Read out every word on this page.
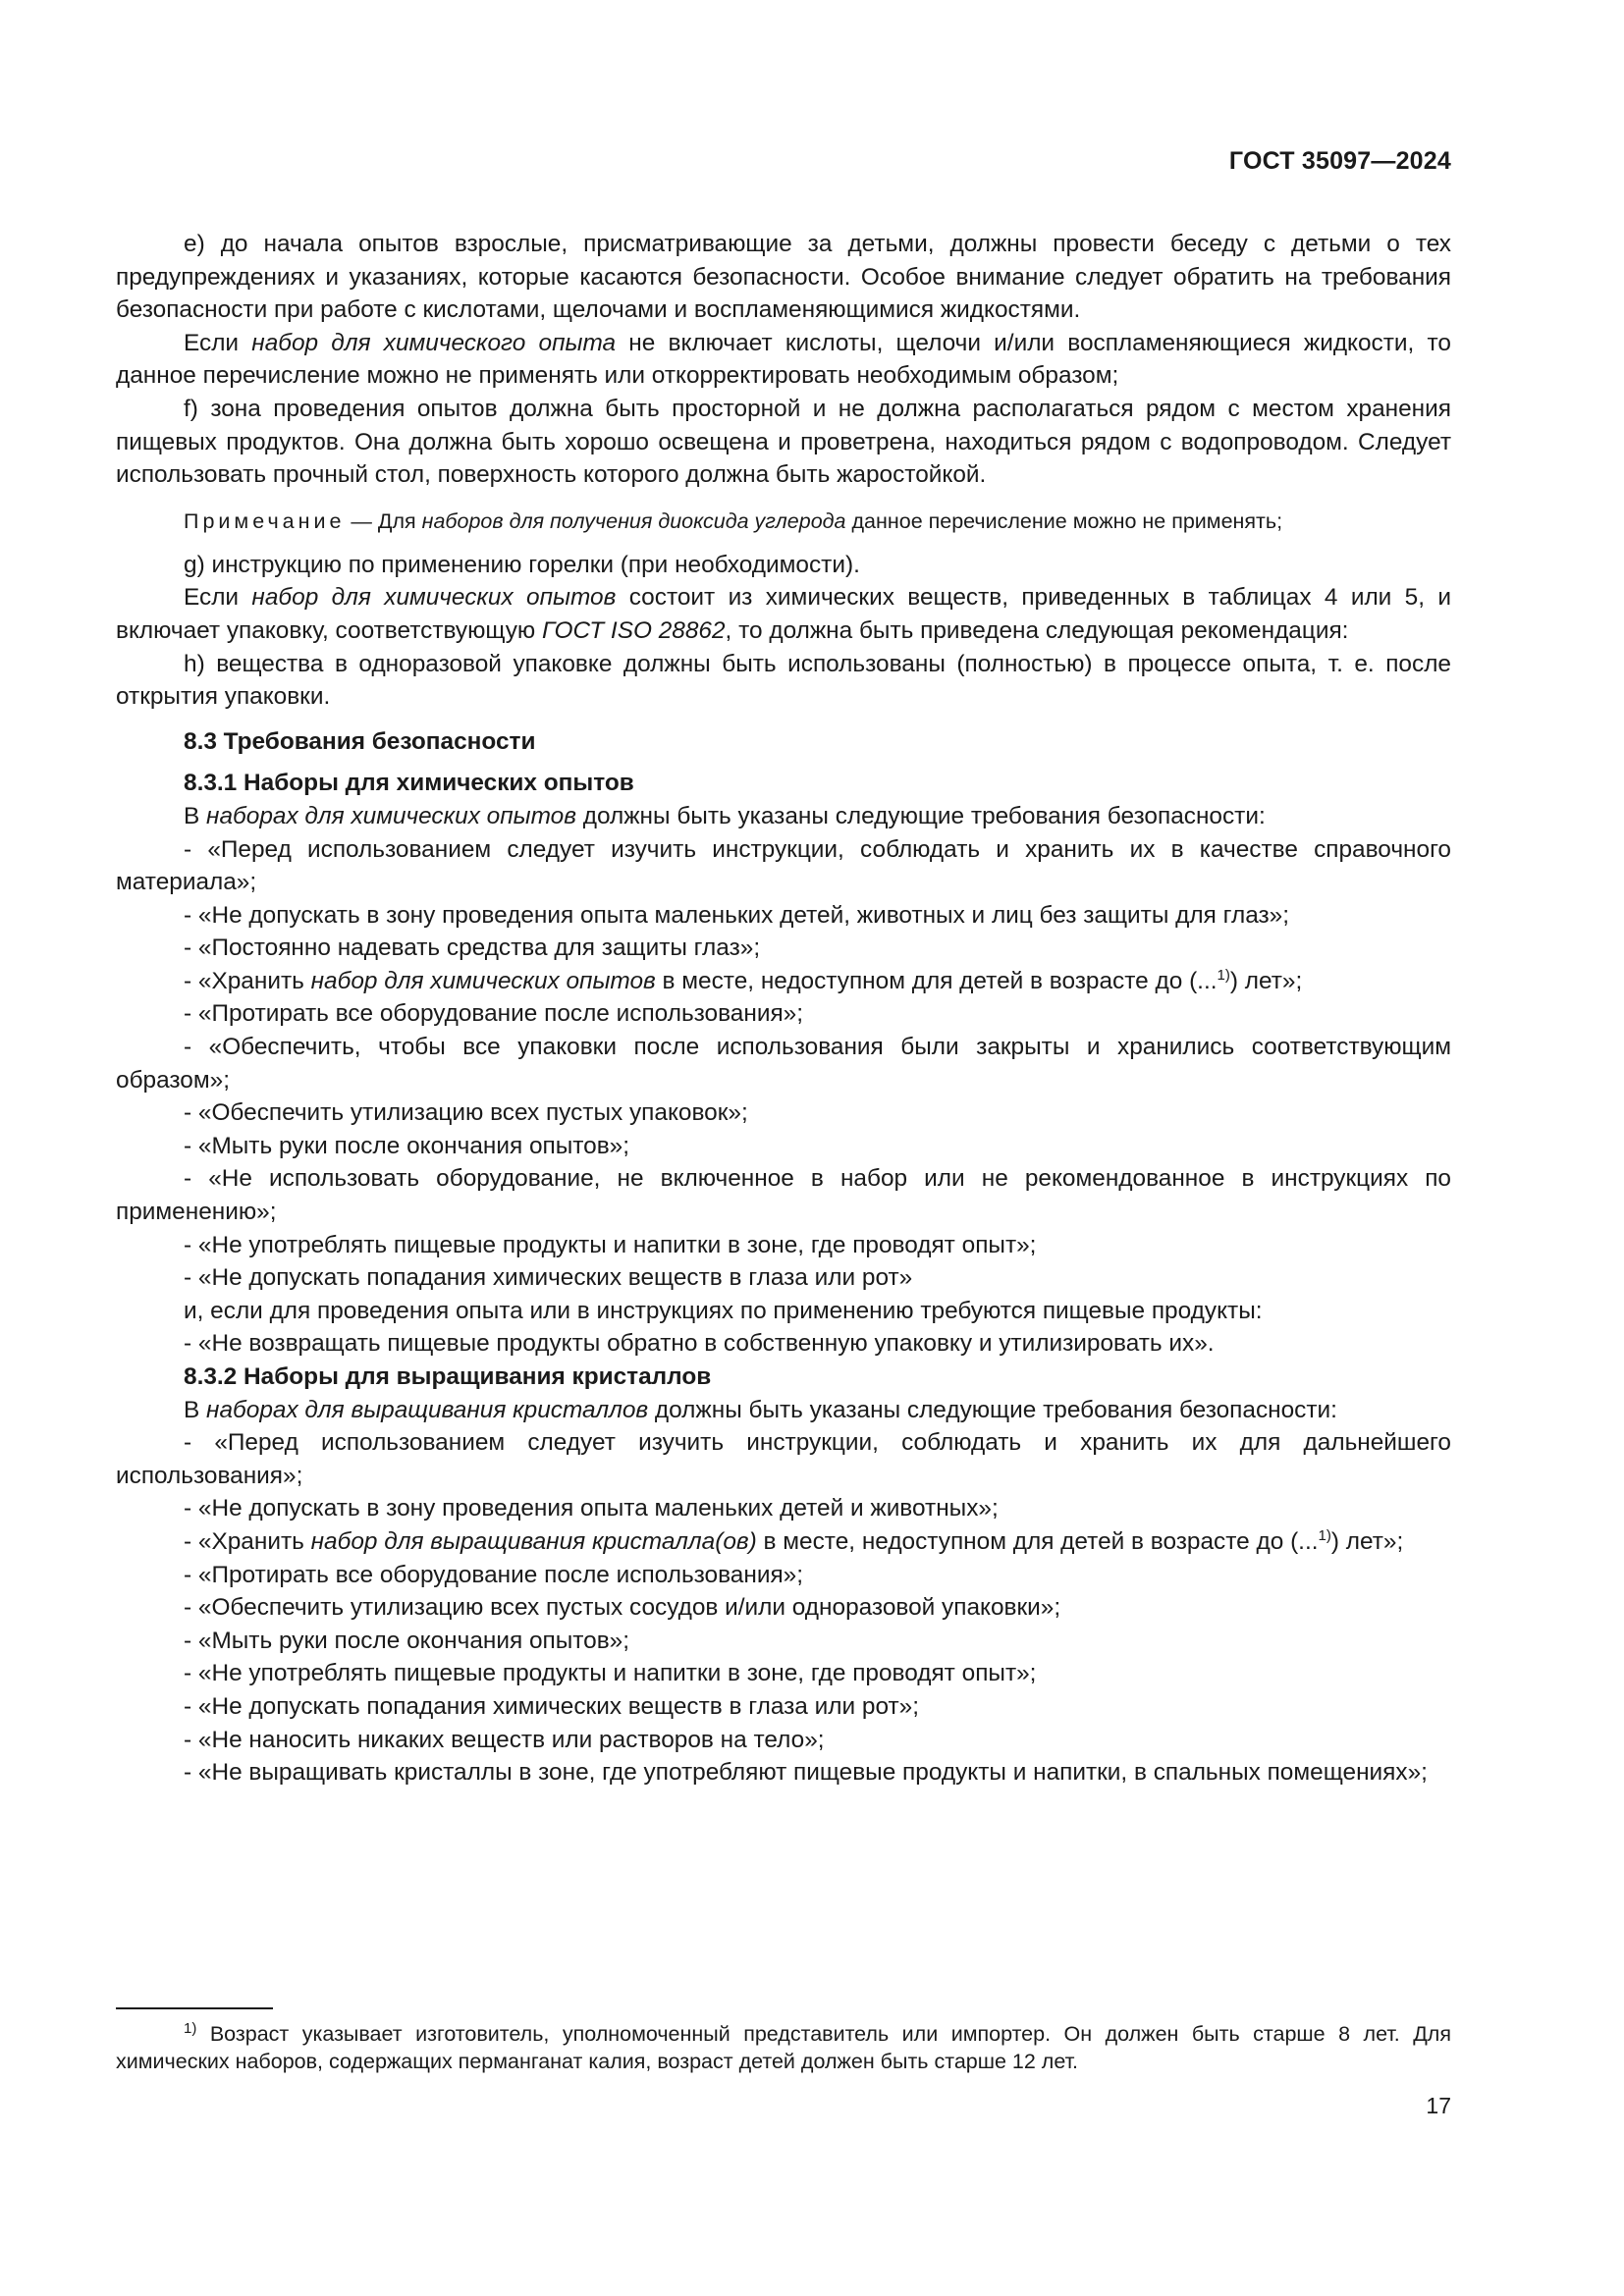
ГОСТ 35097—2024

е) до начала опытов взрослые, присматривающие за детьми, должны провести беседу с детьми о тех предупреждениях и указаниях, которые касаются безопасности. Особое внимание следует обратить на требования безопасности при работе с кислотами, щелочами и воспламеняющимися жидкостями.

Если набор для химического опыта не включает кислоты, щелочи и/или воспламеняющиеся жидкости, то данное перечисление можно не применять или откорректировать необходимым образом;

f) зона проведения опытов должна быть просторной и не должна располагаться рядом с местом хранения пищевых продуктов. Она должна быть хорошо освещена и проветрена, находиться рядом с водопроводом. Следует использовать прочный стол, поверхность которого должна быть жаростойкой.

Примечание — Для наборов для получения диоксида углерода данное перечисление можно не применять;

g) инструкцию по применению горелки (при необходимости).

Если набор для химических опытов состоит из химических веществ, приведенных в таблицах 4 или 5, и включает упаковку, соответствующую ГОСТ ISO 28862, то должна быть приведена следующая рекомендация:

h) вещества в одноразовой упаковке должны быть использованы (полностью) в процессе опыта, т. е. после открытия упаковки.

8.3 Требования безопасности

8.3.1 Наборы для химических опытов

В наборах для химических опытов должны быть указаны следующие требования безопасности:

- «Перед использованием следует изучить инструкции, соблюдать и хранить их в качестве справочного материала»;

- «Не допускать в зону проведения опыта маленьких детей, животных и лиц без защиты для глаз»;

- «Постоянно надевать средства для защиты глаз»;

- «Хранить набор для химических опытов в месте, недоступном для детей в возрасте до (...$^{1)}$) лет»;

- «Протирать все оборудование после использования»;

- «Обеспечить, чтобы все упаковки после использования были закрыты и хранились соответствующим образом»;

- «Обеспечить утилизацию всех пустых упаковок»;

- «Мыть руки после окончания опытов»;

- «Не использовать оборудование, не включенное в набор или не рекомендованное в инструкциях по применению»;

- «Не употреблять пищевые продукты и напитки в зоне, где проводят опыт»;

- «Не допускать попадания химических веществ в глаза или рот»

и, если для проведения опыта или в инструкциях по применению требуются пищевые продукты:

- «Не возвращать пищевые продукты обратно в собственную упаковку и утилизировать их».

8.3.2 Наборы для выращивания кристаллов

В наборах для выращивания кристаллов должны быть указаны следующие требования безопасности:

- «Перед использованием следует изучить инструкции, соблюдать и хранить их для дальнейшего использования»;

- «Не допускать в зону проведения опыта маленьких детей и животных»;

- «Хранить набор для выращивания кристалла(ов) в месте, недоступном для детей в возрасте до (...$^{1)}$) лет»;

- «Протирать все оборудование после использования»;

- «Обеспечить утилизацию всех пустых сосудов и/или одноразовой упаковки»;

- «Мыть руки после окончания опытов»;

- «Не употреблять пищевые продукты и напитки в зоне, где проводят опыт»;

- «Не допускать попадания химических веществ в глаза или рот»;

- «Не наносить никаких веществ или растворов на тело»;

- «Не выращивать кристаллы в зоне, где употребляют пищевые продукты и напитки, в спальных помещениях»;

$^{1)}$ Возраст указывает изготовитель, уполномоченный представитель или импортер. Он должен быть старше 8 лет. Для химических наборов, содержащих перманганат калия, возраст детей должен быть старше 12 лет.

17
